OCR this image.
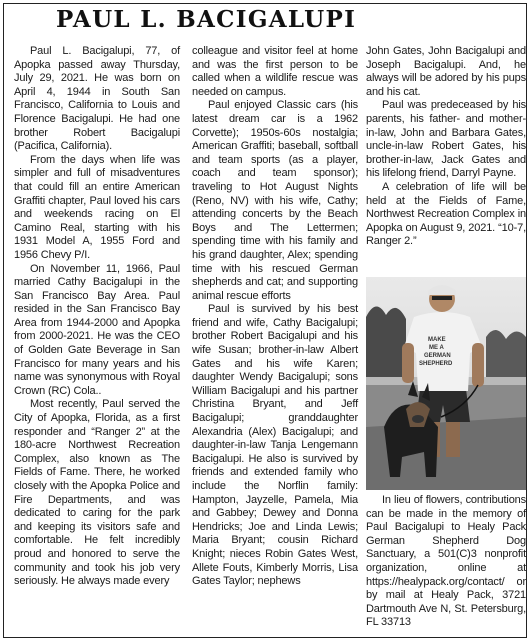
PAUL L. BACIGALUPI

Paul L. Bacigalupi, 77, of Apopka passed away Thursday, July 29, 2021. He was born on April 4, 1944 in South San Francisco, California to Louis and Florence Bacigalupi. He had one brother Robert Bacigalupi (Pacifica, California).

From the days when life was simpler and full of misadventures that could fill an entire American Graffiti chapter, Paul loved his cars and weekends racing on El Camino Real, starting with his 1931 Model A, 1955 Ford and 1956 Chevy P/I.

On November 11, 1966, Paul married Cathy Bacigalupi in the San Francisco Bay Area. Paul resided in the San Francisco Bay Area from 1944-2000 and Apopka from 2000-2021. He was the CEO of Golden Gate Beverage in San Francisco for many years and his name was synonymous with Royal Crown (RC) Cola..

Most recently, Paul served the City of Apopka, Florida, as a first responder and “Ranger 2” at the 180-acre Northwest Recreation Complex, also known as The Fields of Fame. There, he worked closely with the Apopka Police and Fire Departments, and was dedicated to caring for the park and keeping its visitors safe and comfortable. He felt incredibly proud and honored to serve the community and took his job very seriously. He always made every

colleague and visitor feel at home and was the first person to be called when a wildlife rescue was needed on campus.

Paul enjoyed Classic cars (his latest dream car is a 1962 Corvette); 1950s-60s nostalgia; American Graffiti; baseball, softball and team sports (as a player, coach and team sponsor); traveling to Hot August Nights (Reno, NV) with his wife, Cathy; attending concerts by the Beach Boys and The Lettermen; spending time with his family and his grand daughter, Alex; spending time with his rescued German shepherds and cat; and supporting animal rescue efforts

Paul is survived by his best friend and wife, Cathy Bacigalupi; brother Robert Bacigalupi and his wife Susan; brother-in-law Albert Gates and his wife Karen; daughter Wendy Bacigalupi; sons William Bacigalupi and his partner Christina Bryant, and Jeff Bacigalupi; granddaughter Alexandria (Alex) Bacigalupi; and daughter-in-law Tanja Lengemann Bacigalupi. He also is survived by friends and extended family who include the Norflin family: Hampton, Jayzelle, Pamela, Mia and Gabbey; Dewey and Donna Hendricks; Joe and Linda Lewis; Maria Bryant; cousin Richard Knight; nieces Robin Gates West, Allete Fouts, Kimberly Morris, Lisa Gates Taylor; nephews

John Gates, John Bacigalupi and Joseph Bacigalupi. And, he always will be adored by his pups and his cat.

Paul was predeceased by his parents, his father- and mother-in-law, John and Barbara Gates, uncle-in-law Robert Gates, his brother-in-law, Jack Gates and his lifelong friend, Darryl Payne.

A celebration of life will be held at the Fields of Fame, Northwest Recreation Complex in Apopka on August 9, 2021. “10-7, Ranger 2.”

MAKE
ME A
GERMAN
SHEPHERD

In lieu of flowers, contributions can be made in the memory of Paul Bacigalupi to Healy Pack German Shepherd Dog Sanctuary, a 501(C)3 nonprofit organization, online at https://healypack.org/contact/ or by mail at Healy Pack, 3721 Dartmouth Ave N, St. Petersburg, FL 33713
